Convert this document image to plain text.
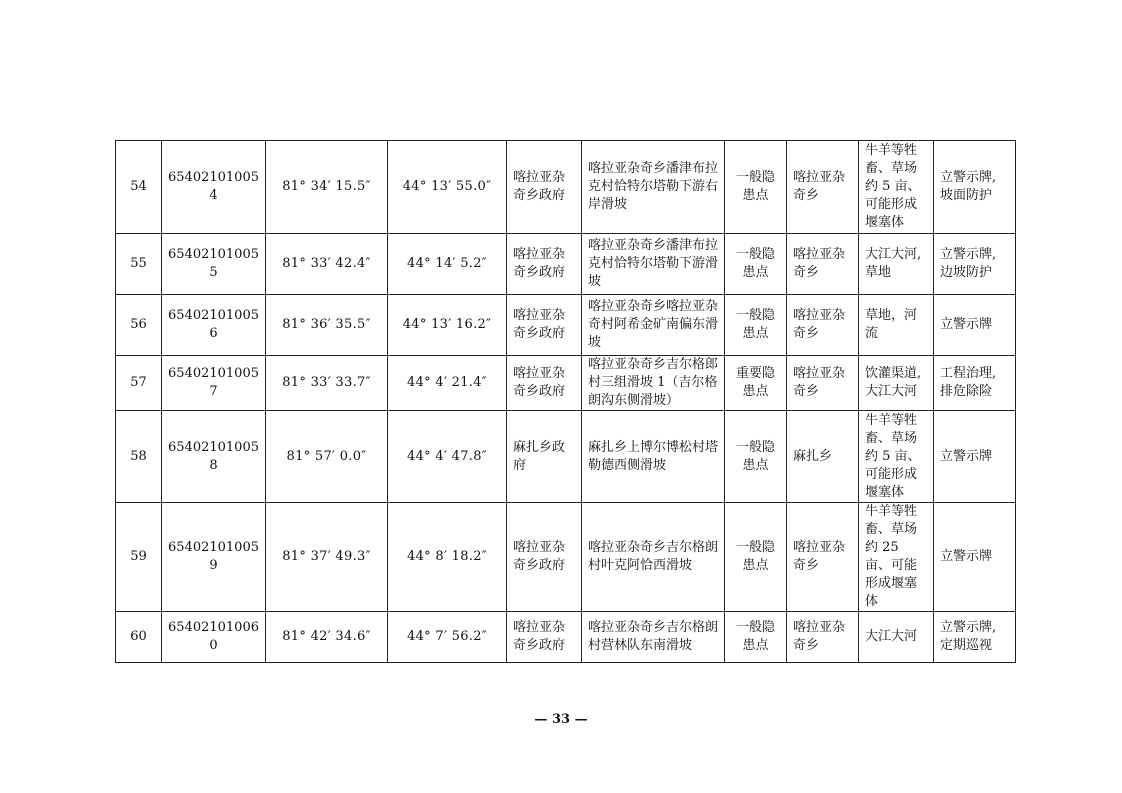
54	654021010054	81° 34′ 15.5″	44° 13′ 55.0″	喀拉亚杂奇乡政府	喀拉亚杂奇乡潘津布拉克村恰特尔塔勒下游右岸滑坡	一般隐患点	喀拉亚杂奇乡	牛羊等牲畜、草场约 5 亩、可能形成堰塞体	立警示牌,坡面防护
55	654021010055	81° 33′ 42.4″	44° 14′ 5.2″	喀拉亚杂奇乡政府	喀拉亚杂奇乡潘津布拉克村恰特尔塔勒下游滑坡	一般隐患点	喀拉亚杂奇乡	大江大河,草地	立警示牌,边坡防护
56	654021010056	81° 36′ 35.5″	44° 13′ 16.2″	喀拉亚杂奇乡政府	喀拉亚杂奇乡喀拉亚杂奇村阿希金矿南偏东滑坡	一般隐患点	喀拉亚杂奇乡	草地，河流	立警示牌
57	654021010057	81° 33′ 33.7″	44° 4′ 21.4″	喀拉亚杂奇乡政府	喀拉亚杂奇乡吉尔格郎村三组滑坡 1（吉尔格朗沟东侧滑坡）	重要隐患点	喀拉亚杂奇乡	饮灌渠道,大江大河	工程治理,排危除险
58	654021010058	81° 57′ 0.0″	44° 4′ 47.8″	麻扎乡政府	麻扎乡上博尔博松村塔勒德西侧滑坡	一般隐患点	麻扎乡	牛羊等牲畜、草场约 5 亩、可能形成堰塞体	立警示牌
59	654021010059	81° 37′ 49.3″	44° 8′ 18.2″	喀拉亚杂奇乡政府	喀拉亚杂奇乡吉尔格朗村叶克阿恰西滑坡	一般隐患点	喀拉亚杂奇乡	牛羊等牲畜、草场约 25 亩、可能形成堰塞体	立警示牌
60	654021010060	81° 42′ 34.6″	44° 7′ 56.2″	喀拉亚杂奇乡政府	喀拉亚杂奇乡吉尔格朗村营林队东南滑坡	一般隐患点	喀拉亚杂奇乡	大江大河	立警示牌,定期巡视
— 33 —
